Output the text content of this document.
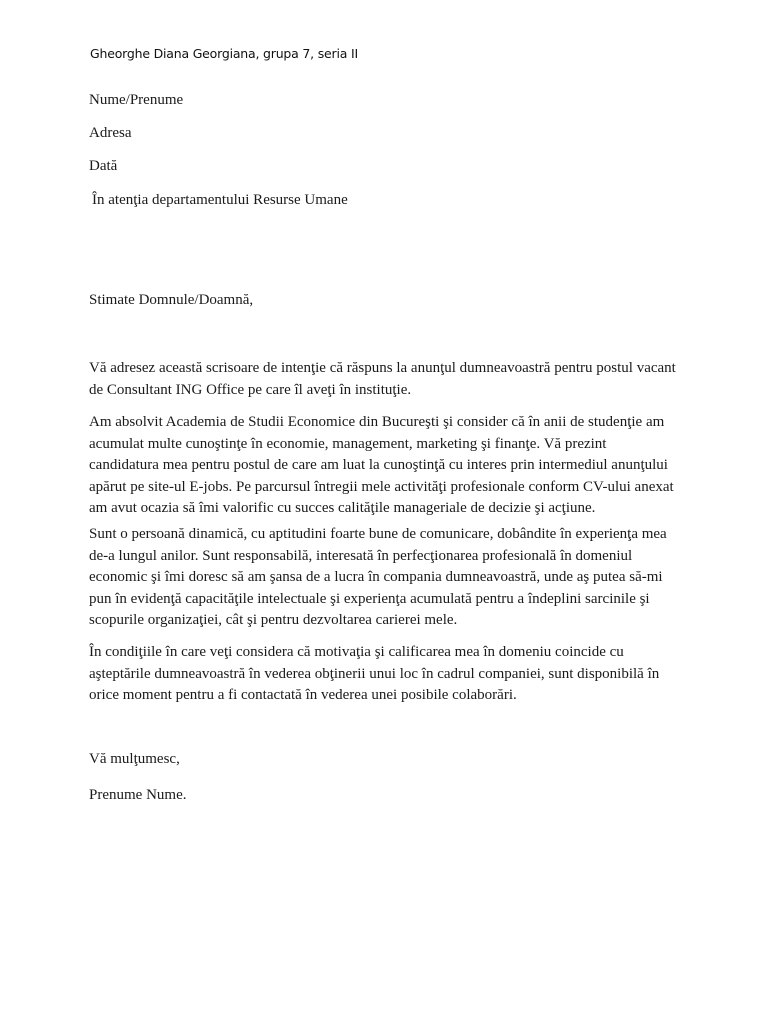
Gheorghe Diana Georgiana, grupa 7, seria II
Nume/Prenume
Adresa
Dată
În atenţia departamentului Resurse Umane
Stimate Domnule/Doamnă,
Vă adresez această scrisoare de intenţie că răspuns la anunţul dumneavoastră pentru postul vacant
de Consultant ING Office pe care îl aveţi în instituţie.
Am absolvit Academia de Studii Economice din Bucureşti şi consider că în anii de studenţie am
acumulat multe cunoştinţe în economie, management, marketing şi finanţe. Vă prezint
candidatura mea pentru postul de care am luat la cunoştinţă cu interes prin intermediul anunţului
apărut pe site-ul E-jobs. Pe parcursul întregii mele activităţi profesionale conform CV-ului anexat
am avut ocazia să îmi valorific cu succes calităţile manageriale de decizie şi acţiune.
Sunt o persoană dinamică, cu aptitudini foarte bune de comunicare, dobândite în experienţa mea
de-a lungul anilor. Sunt responsabilă, interesată în perfecţionarea profesională în domeniul
economic şi îmi doresc să am şansa de a lucra în compania dumneavoastră, unde aş putea să-mi
pun în evidenţă capacităţile intelectuale şi experienţa acumulată pentru a îndeplini sarcinile şi
scopurile organizaţiei, cât şi pentru dezvoltarea carierei mele.
În condiţiile în care veţi considera că motivaţia şi calificarea mea în domeniu coincide cu
aşteptările dumneavoastră în vederea obţinerii unui loc în cadrul companiei, sunt disponibilă în
orice moment pentru a fi contactată în vederea unei posibile colaborări.
Vă mulţumesc,
Prenume Nume.
